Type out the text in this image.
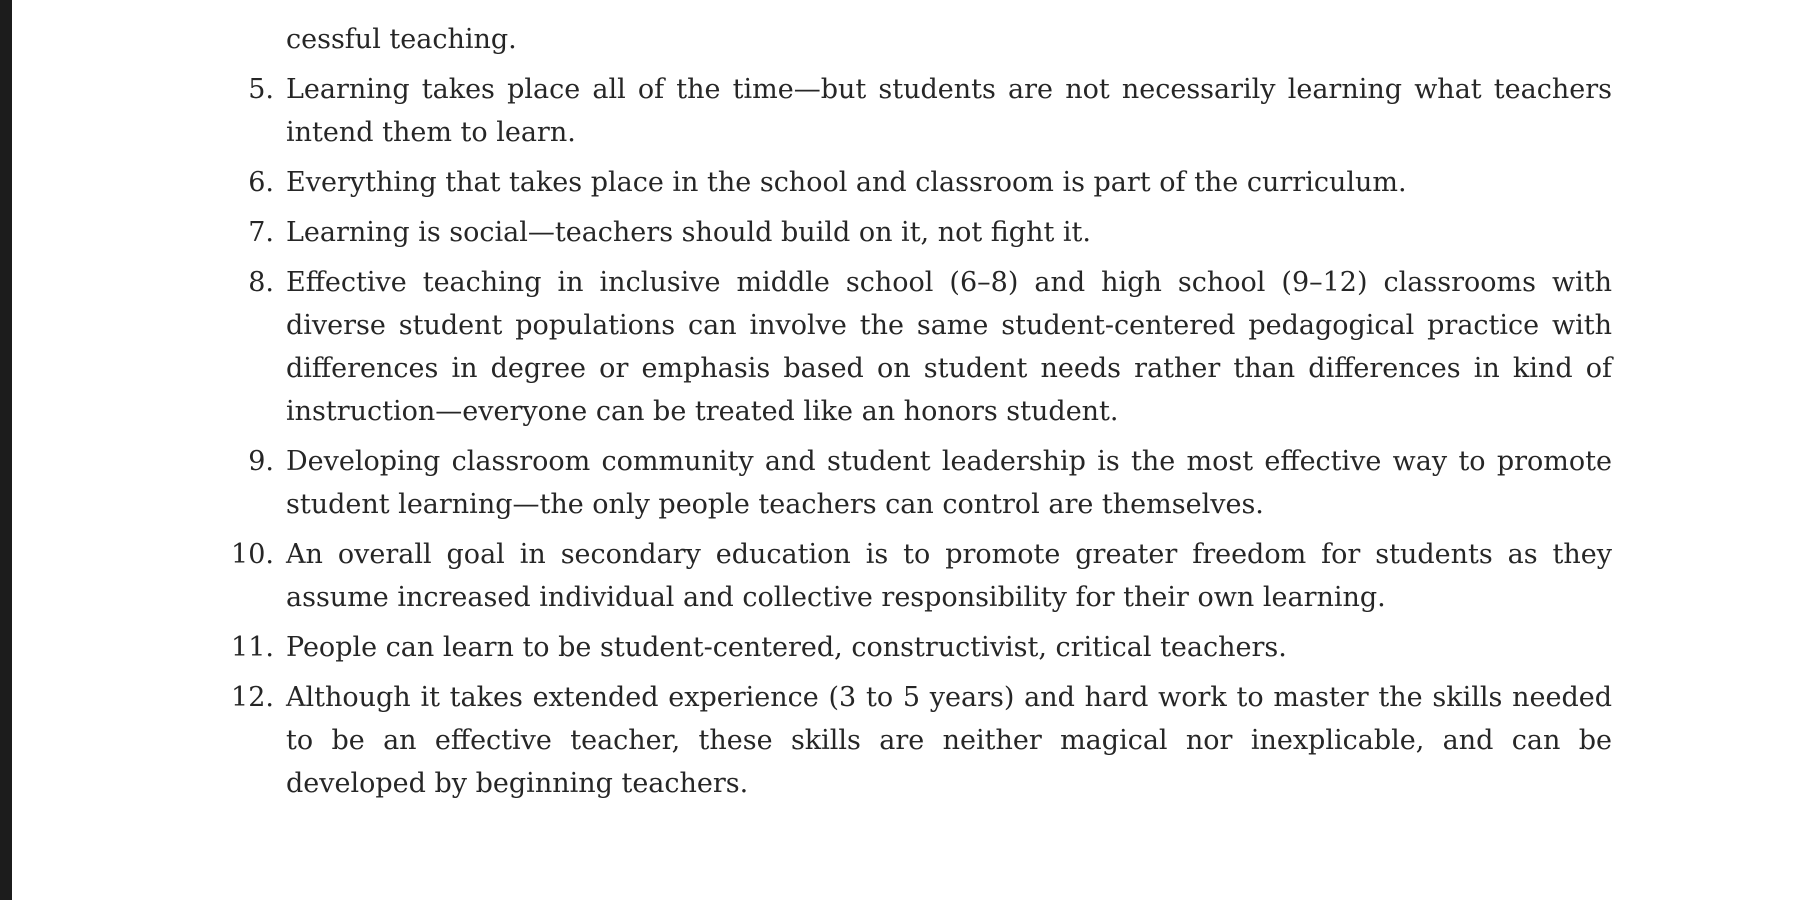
cessful teaching.
5. Learning takes place all of the time—but students are not necessarily learning what teachers intend them to learn.
6. Everything that takes place in the school and classroom is part of the curriculum.
7. Learning is social—teachers should build on it, not fight it.
8. Effective teaching in inclusive middle school (6–8) and high school (9–12) classrooms with diverse student populations can involve the same student-centered pedagogical practice with differences in degree or emphasis based on student needs rather than differences in kind of instruction—everyone can be treated like an honors student.
9. Developing classroom community and student leadership is the most effective way to promote student learning—the only people teachers can control are themselves.
10. An overall goal in secondary education is to promote greater freedom for students as they assume increased individual and collective responsibility for their own learning.
11. People can learn to be student-centered, constructivist, critical teachers.
12. Although it takes extended experience (3 to 5 years) and hard work to master the skills needed to be an effective teacher, these skills are neither magical nor inexplicable, and can be developed by beginning teachers.
